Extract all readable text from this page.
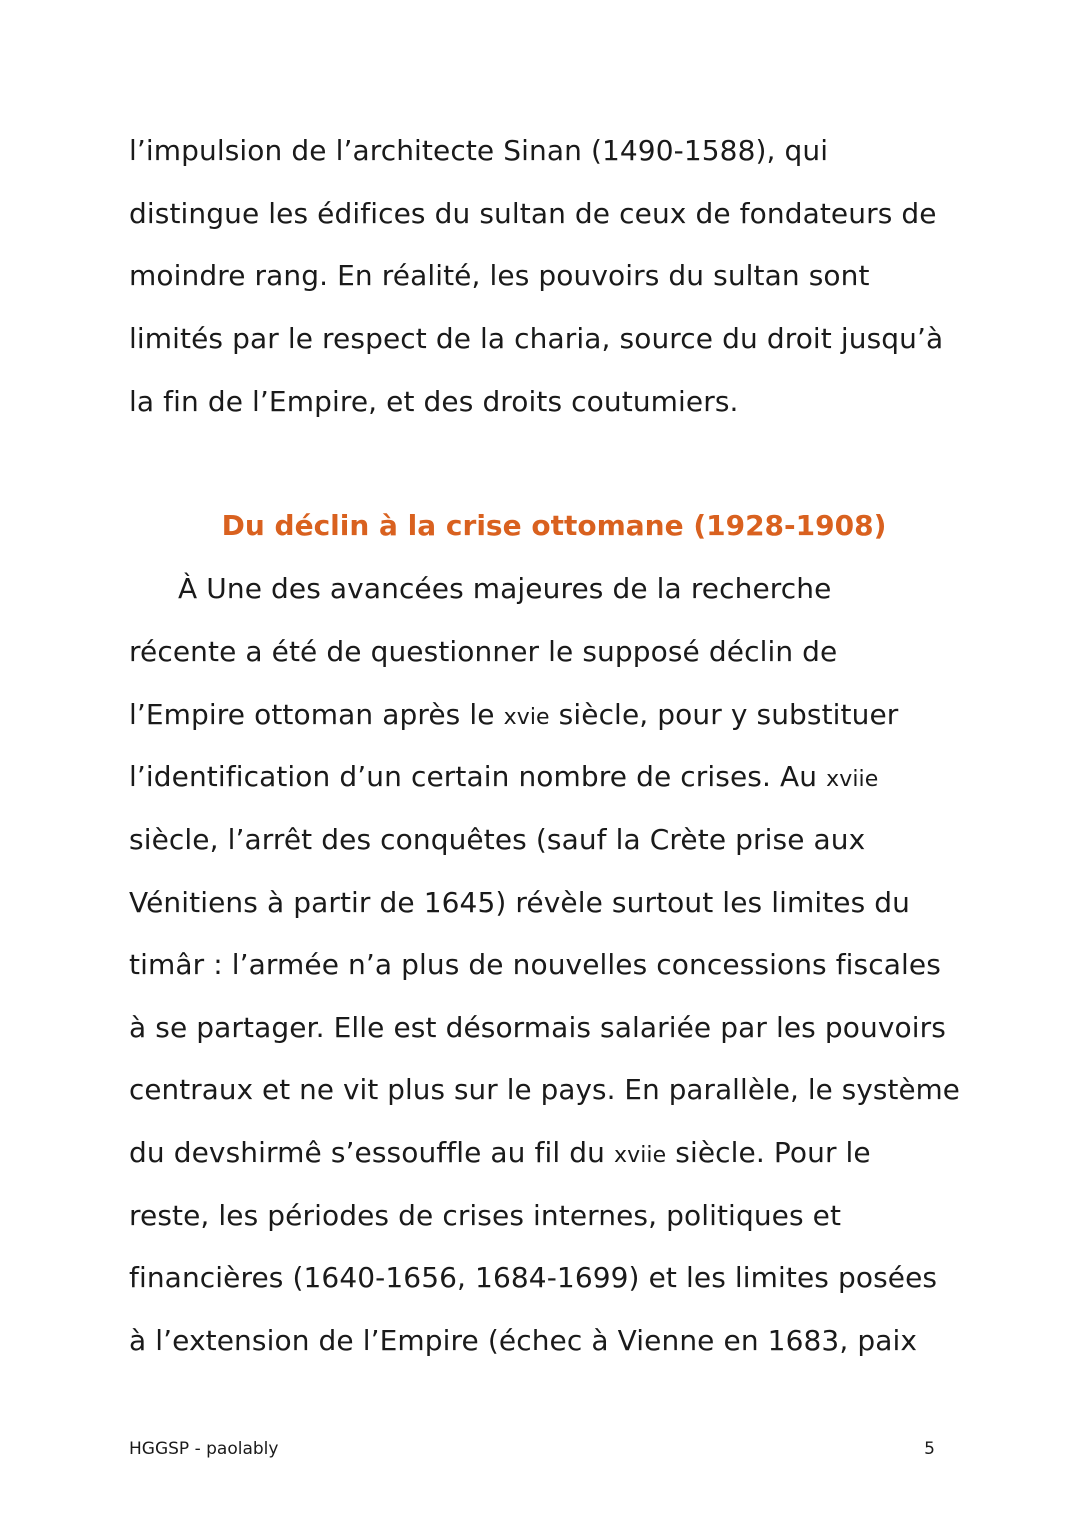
l’impulsion de l’architecte Sinan (1490-1588), qui
distingue les édifices du sultan de ceux de fondateurs de
moindre rang. En réalité, les pouvoirs du sultan sont
limités par le respect de la charia, source du droit jusqu’à
la fin de l’Empire, et des droits coutumiers.
Du déclin à la crise ottomane (1928-1908)
À Une des avancées majeures de la recherche
récente a été de questionner le supposé déclin de
l’Empire ottoman après le xvie siècle, pour y substituer
l’identification d’un certain nombre de crises. Au xviie
siècle, l’arrêt des conquêtes (sauf la Crète prise aux
Vénitiens à partir de 1645) révèle surtout les limites du
timâr : l’armée n’a plus de nouvelles concessions fiscales
à se partager. Elle est désormais salariée par les pouvoirs
centraux et ne vit plus sur le pays. En parallèle, le système
du devshirmê s’essouffle au fil du xviie siècle. Pour le
reste, les périodes de crises internes, politiques et
financières (1640-1656, 1684-1699) et les limites posées
à l’extension de l’Empire (échec à Vienne en 1683, paix
HGGSP - paolably	5
